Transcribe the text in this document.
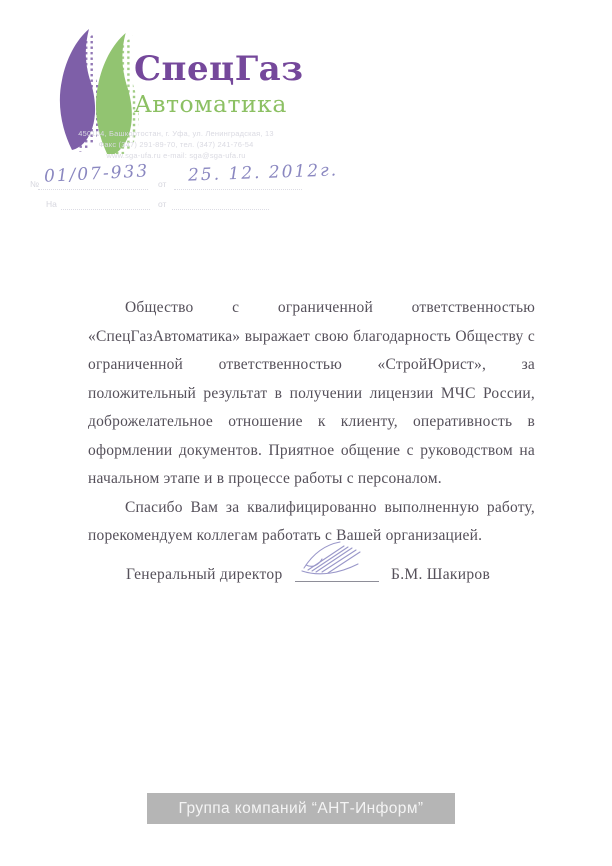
СпецГаз
Автоматика
450104, Башкортостан, г. Уфа, ул. Ленинградская, 13
Факс (347) 291-89-70, тел. (347) 241-76-54
www.sga-ufa.ru e-mail: sga@sga-ufa.ru
№ 01/07-933 от 25. 12. 2012г.
На	от

Общество с ограниченной ответственностью «СпецГазАвтоматика» выражает свою благодарность Обществу с ограниченной ответственностью «СтройЮрист», за положительный результат в получении лицензии МЧС России, доброжелательное отношение к клиенту, оперативность в оформлении документов. Приятное общение с руководством на начальном этапе и в процессе работы с персоналом.

Спасибо Вам за квалифицированно выполненную работу, порекомендуем коллегам работать с Вашей организацией.

Генеральный директор	Б.М. Шакиров
Группа компаний “АНТ-Информ”
